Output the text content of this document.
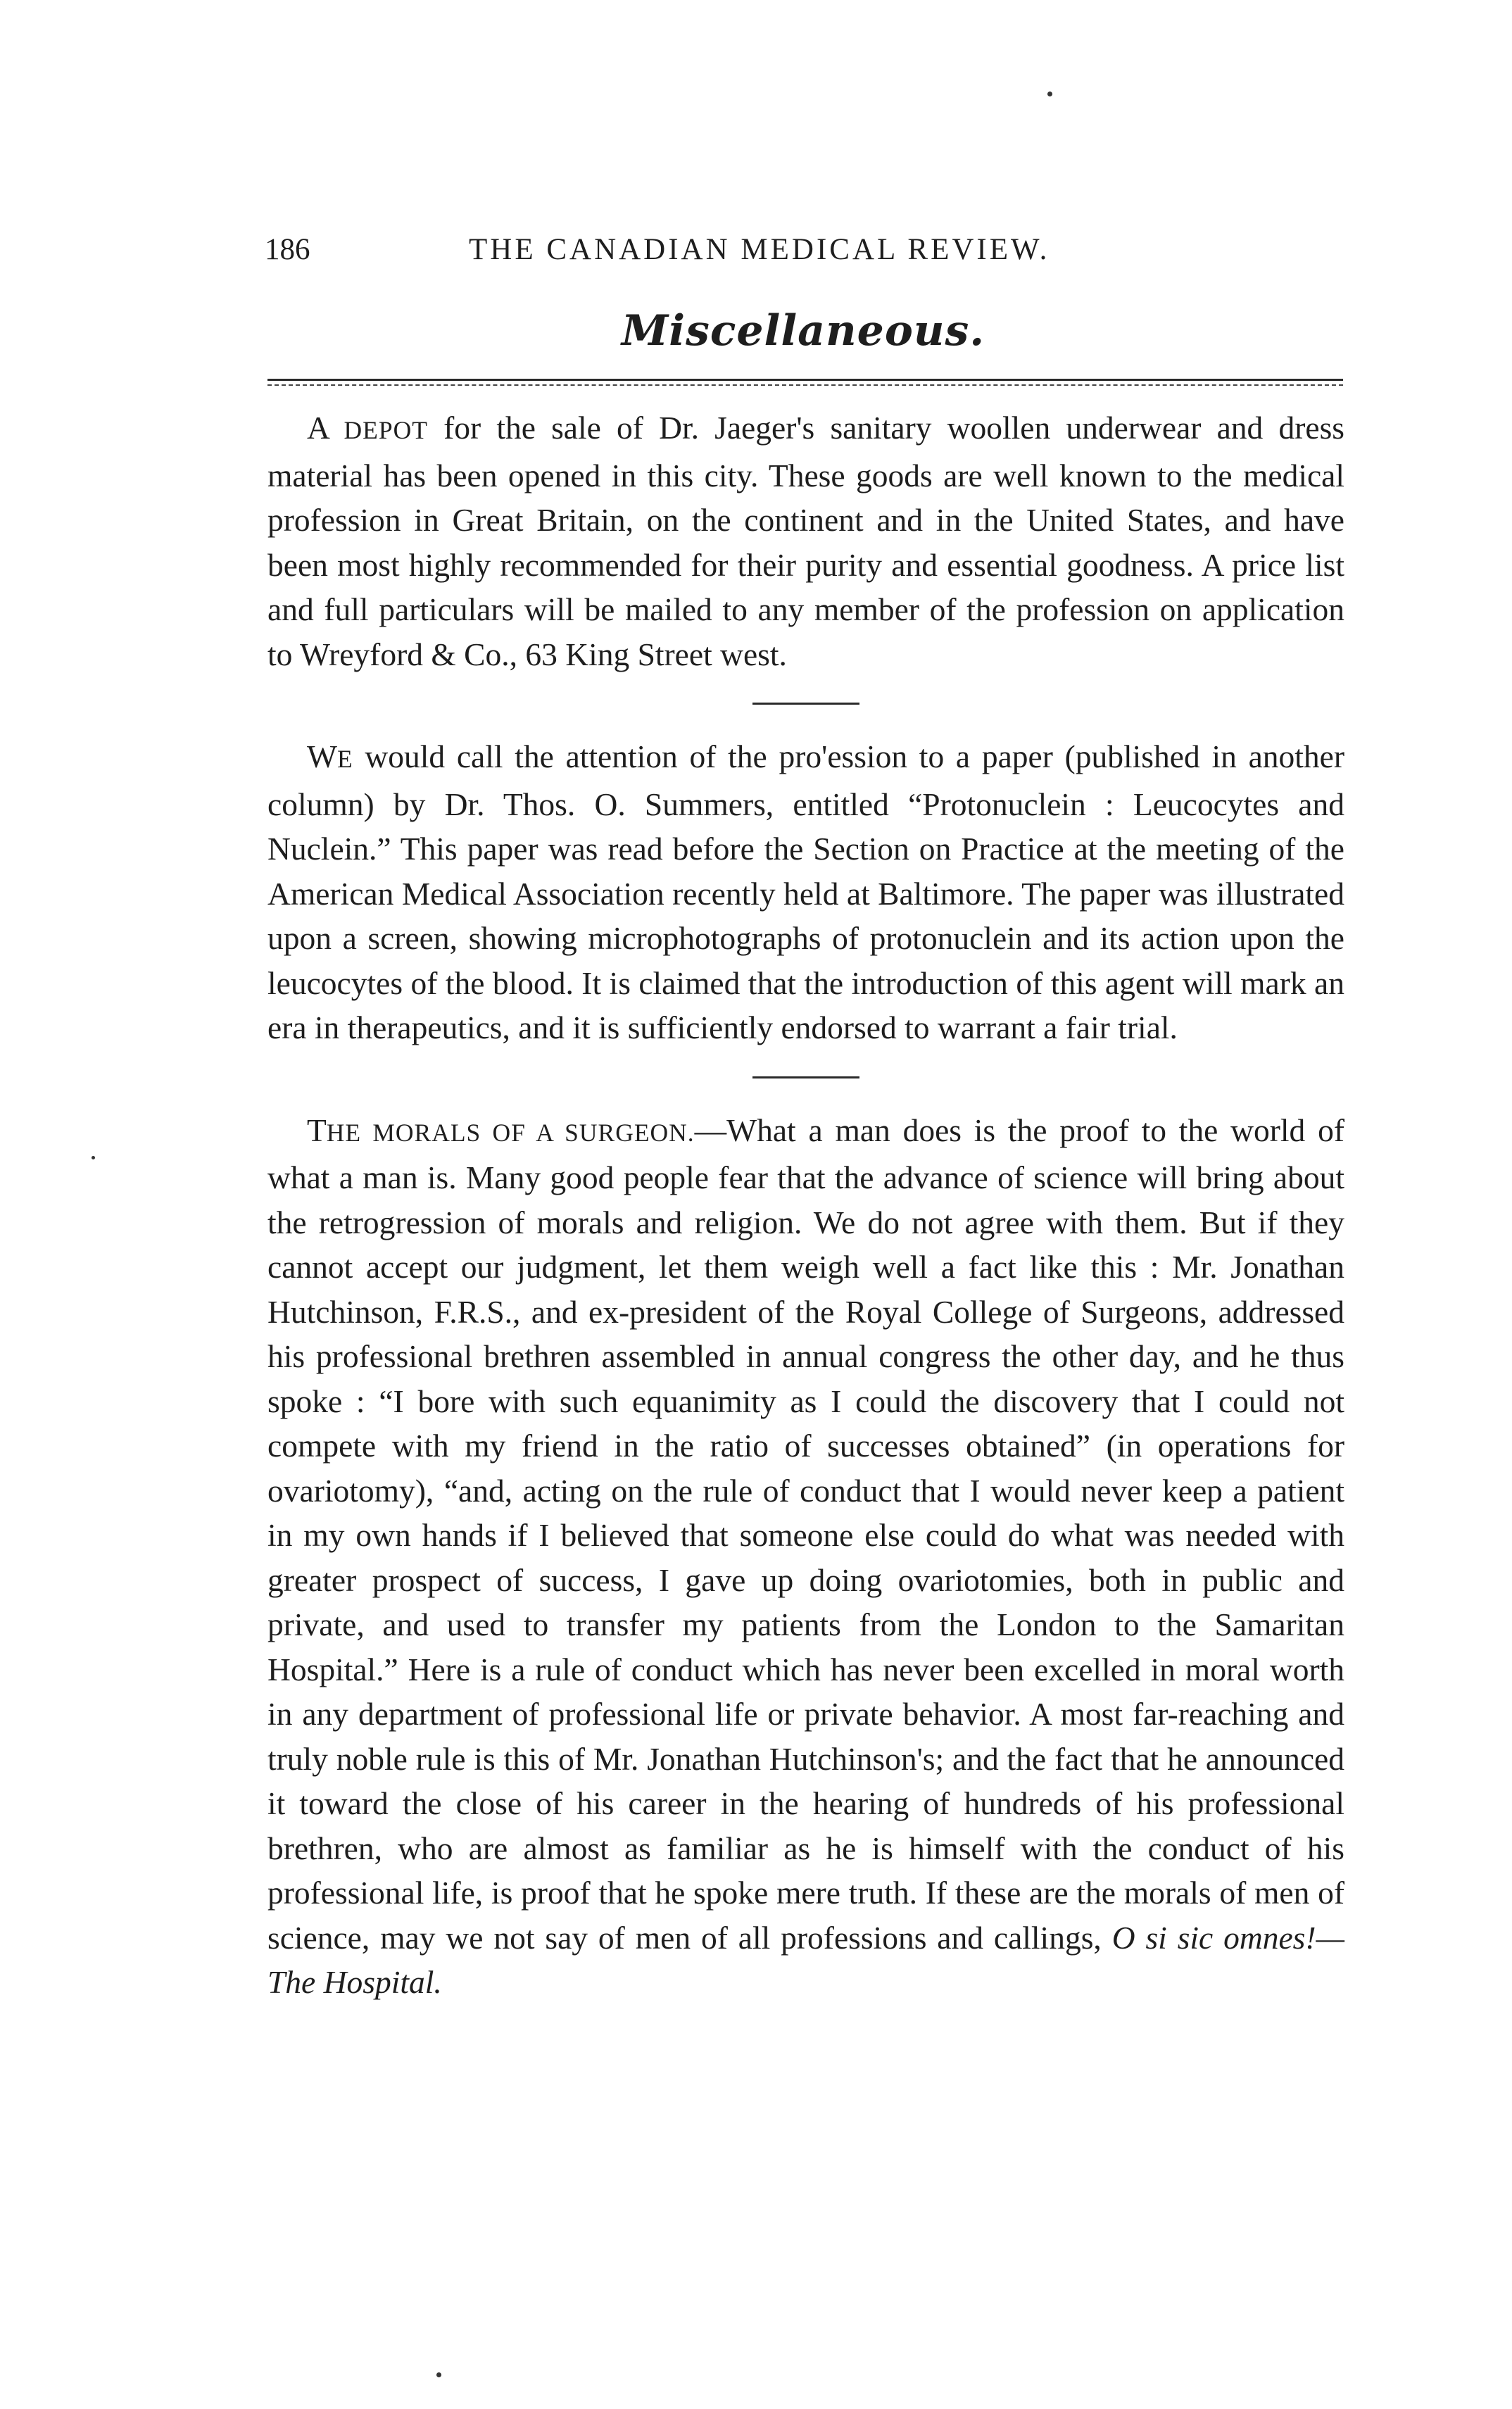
186	THE CANADIAN MEDICAL REVIEW.
Miscellaneous.

A DEPOT for the sale of Dr. Jaeger's sanitary woollen underwear and dress material has been opened in this city. These goods are well known to the medical profession in Great Britain, on the continent and in the United States, and have been most highly recommended for their purity and essential goodness. A price list and full particulars will be mailed to any member of the profession on application to Wreyford & Co., 63 King Street west.

WE would call the attention of the pro'ession to a paper (published in another column) by Dr. Thos. O. Summers, entitled “Protonuclein : Leucocytes and Nuclein.” This paper was read before the Section on Practice at the meeting of the American Medical Association recently held at Baltimore. The paper was illustrated upon a screen, showing microphotographs of protonuclein and its action upon the leucocytes of the blood. It is claimed that the introduction of this agent will mark an era in therapeutics, and it is sufficiently endorsed to warrant a fair trial.

THE MORALS OF A SURGEON.—What a man does is the proof to the world of what a man is. Many good people fear that the advance of science will bring about the retrogression of morals and religion. We do not agree with them. But if they cannot accept our judgment, let them weigh well a fact like this : Mr. Jonathan Hutchinson, F.R.S., and ex-president of the Royal College of Surgeons, addressed his professional brethren assembled in annual congress the other day, and he thus spoke : “I bore with such equanimity as I could the discovery that I could not compete with my friend in the ratio of successes obtained” (in operations for ovariotomy), “and, acting on the rule of conduct that I would never keep a patient in my own hands if I believed that someone else could do what was needed with greater prospect of success, I gave up doing ovariotomies, both in public and private, and used to transfer my patients from the London to the Samaritan Hospital.” Here is a rule of conduct which has never been excelled in moral worth in any department of professional life or private behavior. A most far-reaching and truly noble rule is this of Mr. Jonathan Hutchinson's; and the fact that he announced it toward the close of his career in the hearing of hundreds of his professional brethren, who are almost as familiar as he is himself with the conduct of his professional life, is proof that he spoke mere truth. If these are the morals of men of science, may we not say of men of all professions and callings, O si sic omnes!—The Hospital.
